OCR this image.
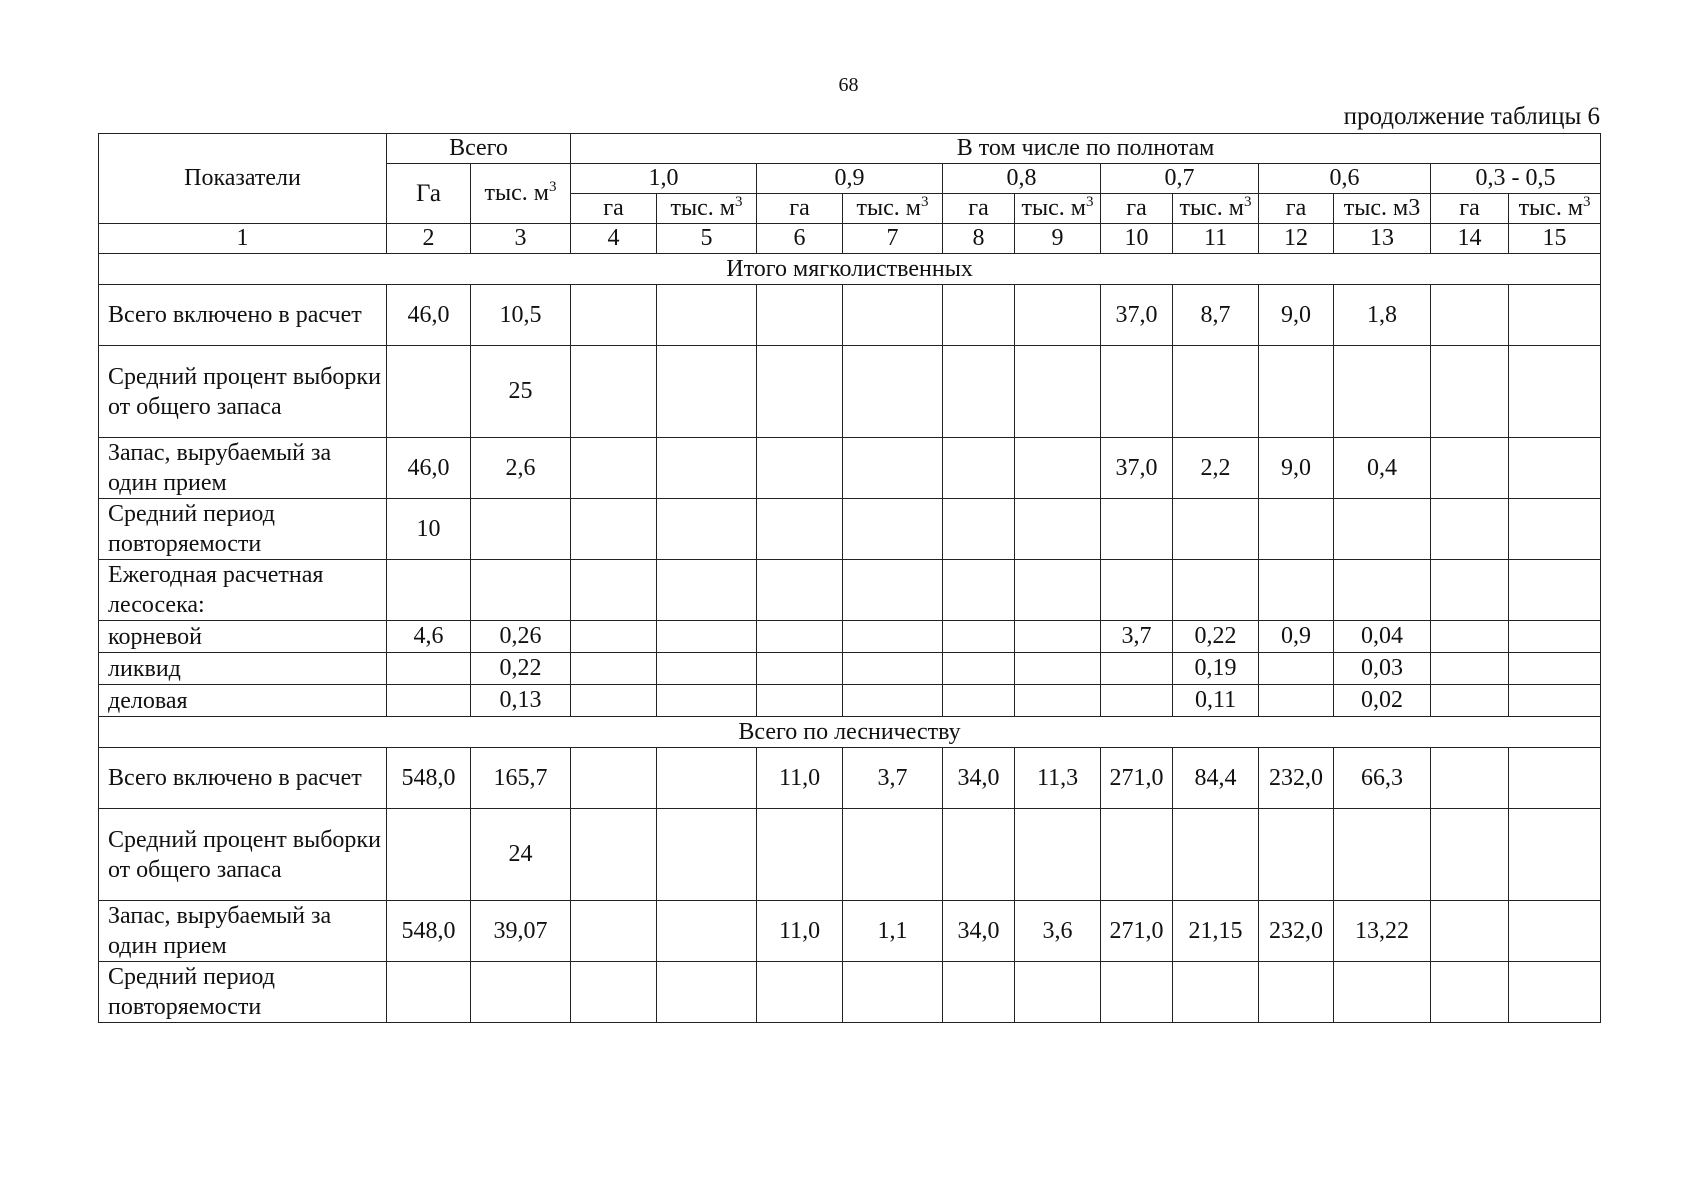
68
продолжение таблицы 6
Показатели	Всего		В том числе по полнотам											
	Га	тыс. $м^3$	1,0		0,9		0,8		0,7		0,6		0,3 - 0,5	
			га	тыс. $м^3$	га	тыс. $м^3$	га	тыс. $м^3$	га	тыс. $м^3$	га	тыс. м3	га	тыс. $м^3$
1	2	3	4	5	6	7	8	9	10	11	12	13	14	15
Итого мягколиственных														
Всего включено в расчет	46,0	10,5							37,0	8,7	9,0	1,8		
Средний процент выборки от общего запаса		25												
Запас, вырубаемый за один прием	46,0	2,6							37,0	2,2	9,0	0,4		
Средний период повторяемости	10													
Ежегодная расчетная лесосека:														
корневой	4,6	0,26							3,7	0,22	0,9	0,04		
ликвид		0,22								0,19		0,03		
деловая		0,13								0,11		0,02		
Всего по лесничеству														
Всего включено в расчет	548,0	165,7			11,0	3,7	34,0	11,3	271,0	84,4	232,0	66,3		
Средний процент выборки от общего запаса		24												
Запас, вырубаемый за один прием	548,0	39,07			11,0	1,1	34,0	3,6	271,0	21,15	232,0	13,22		
Средний период повторяемости														
